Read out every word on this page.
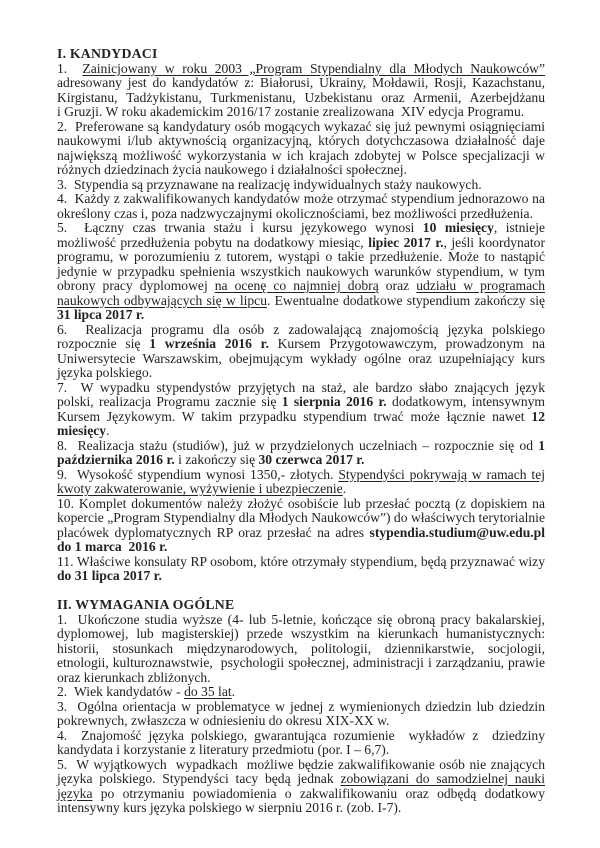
I. KANDYDACI

1.  Zainicjowany w roku 2003 „Program Stypendialny dla Młodych Naukowców” adresowany jest do kandydatów z: Białorusi, Ukrainy, Mołdawii, Rosji, Kazachstanu, Kirgistanu, Tadżykistanu, Turkmenistanu, Uzbekistanu oraz Armenii, Azerbejdżanu i Gruzji. W roku akademickim 2016/17 zostanie zrealizowana  XIV edycja Programu.

2.  Preferowane są kandydatury osób mogących wykazać się już pewnymi osiągnięciami naukowymi i/lub aktywnością organizacyjną, których dotychczasowa działalność daje największą możliwość wykorzystania w ich krajach zdobytej w Polsce specjalizacji w różnych dziedzinach życia naukowego i działalności społecznej.

3.  Stypendia są przyznawane na realizację indywidualnych staży naukowych.

4.  Każdy z zakwalifikowanych kandydatów może otrzymać stypendium jednorazowo na określony czas i, poza nadzwyczajnymi okolicznościami, bez możliwości przedłużenia.

5.  Łączny czas trwania stażu i kursu językowego wynosi 10 miesięcy, istnieje możliwość przedłużenia pobytu na dodatkowy miesiąc, lipiec 2017 r., jeśli koordynator programu, w porozumieniu z tutorem, wystąpi o takie przedłużenie. Może to nastąpić jedynie w przypadku spełnienia wszystkich naukowych warunków stypendium, w tym obrony pracy dyplomowej na ocenę co najmniej dobrą oraz udziału w programach naukowych odbywających się w lipcu. Ewentualne dodatkowe stypendium zakończy się 31 lipca 2017 r.

6.  Realizacja programu dla osób z zadowalającą znajomością języka polskiego rozpocznie się 1 września 2016 r. Kursem Przygotowawczym, prowadzonym na Uniwersytecie Warszawskim, obejmującym wykłady ogólne oraz uzupełniający kurs języka polskiego.

7.  W wypadku stypendystów przyjętych na staż, ale bardzo słabo znających język polski, realizacja Programu zacznie się 1 sierpnia 2016 r. dodatkowym, intensywnym Kursem Językowym. W takim przypadku stypendium trwać może łącznie nawet 12 miesięcy.

8.  Realizacja stażu (studiów), już w przydzielonych uczelniach – rozpocznie się od 1 października 2016 r. i zakończy się 30 czerwca 2017 r.

9.  Wysokość stypendium wynosi 1350,- złotych. Stypendyści pokrywają w ramach tej kwoty zakwaterowanie, wyżywienie i ubezpieczenie.

10. Komplet dokumentów należy złożyć osobiście lub przesłać pocztą (z dopiskiem na kopercie „Program Stypendialny dla Młodych Naukowców”) do właściwych terytorialnie placówek dyplomatycznych RP oraz przesłać na adres stypendia.studium@uw.edu.pl do 1 marca  2016 r.

11. Właściwe konsulaty RP osobom, które otrzymały stypendium, będą przyznawać wizy do 31 lipca 2017 r.

II. WYMAGANIA OGÓLNE

1.  Ukończone studia wyższe (4- lub 5-letnie, kończące się obroną pracy bakalarskiej, dyplomowej, lub magisterskiej) przede wszystkim na kierunkach humanistycznych: historii, stosunkach międzynarodowych, politologii, dziennikarstwie, socjologii, etnologii, kulturoznawstwie,  psychologii społecznej, administracji i zarządzaniu, prawie oraz kierunkach zbliżonych.

2.  Wiek kandydatów - do 35 lat.

3.  Ogólna orientacja w problematyce w jednej z wymienionych dziedzin lub dziedzin pokrewnych, zwłaszcza w odniesieniu do okresu XIX-XX w.

4.  Znajomość języka polskiego, gwarantująca rozumienie  wykładów z  dziedziny kandydata i korzystanie z literatury przedmiotu (por. I – 6,7).

5.  W wyjątkowych  wypadkach  możliwe będzie zakwalifikowanie osób nie znających języka polskiego. Stypendyści tacy będą jednak zobowiązani do samodzielnej nauki języka po otrzymaniu powiadomienia o zakwalifikowaniu oraz odbędą dodatkowy intensywny kurs języka polskiego w sierpniu 2016 r. (zob. I-7).
